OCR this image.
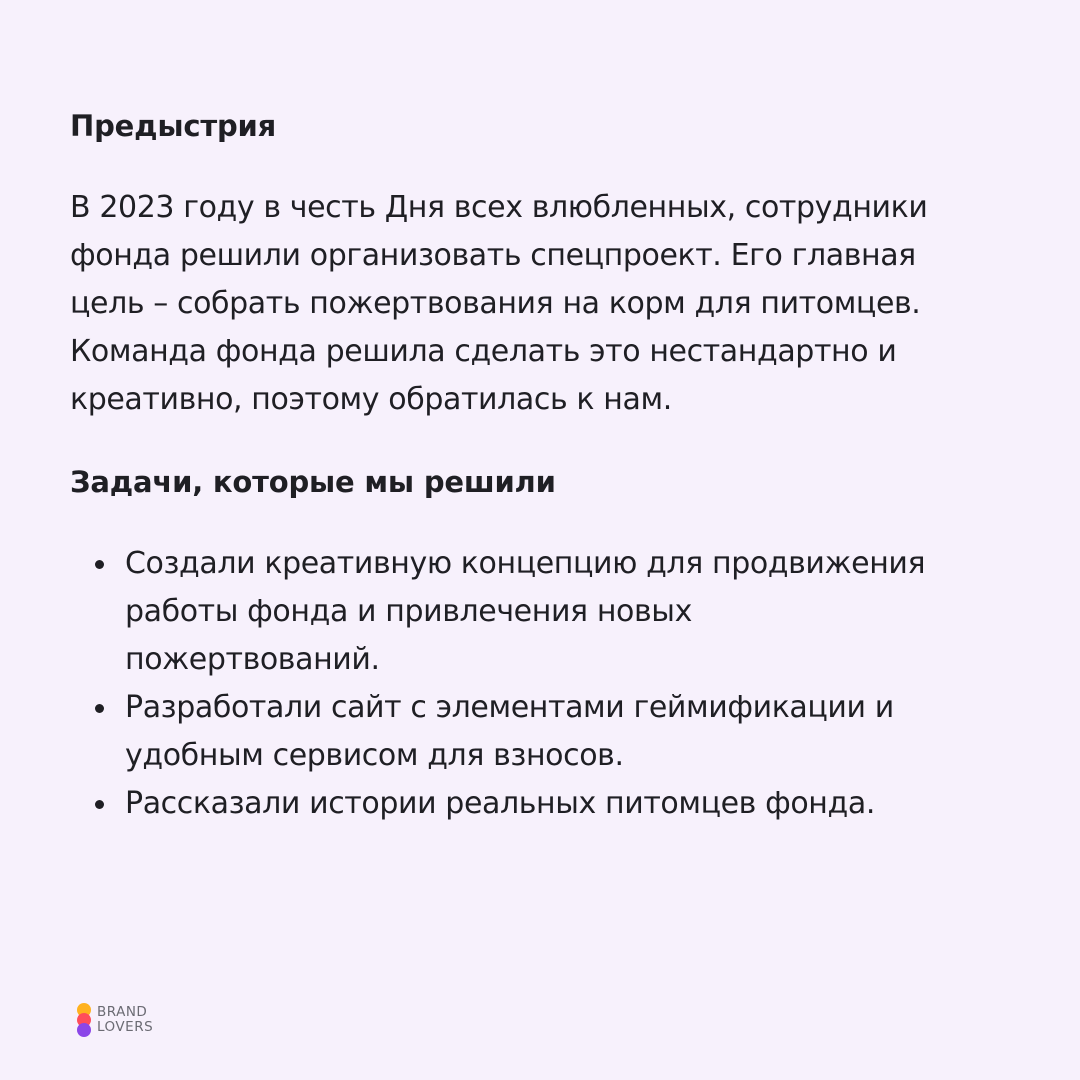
Предыстрия

В 2023 году в честь Дня всех влюбленных, сотрудники
фонда решили организовать спецпроект. Его главная
цель – собрать пожертвования на корм для питомцев.
Команда фонда решила сделать это нестандартно и
креативно, поэтому обратилась к нам.

Задачи, которые мы решили
Создали креативную концепцию для продвижения
работы фонда и привлечения новых
пожертвований.
Разработали сайт с элементами геймификации и
удобным сервисом для взносов.
Рассказали истории реальных питомцев фонда.
BRAND
LOVERS
